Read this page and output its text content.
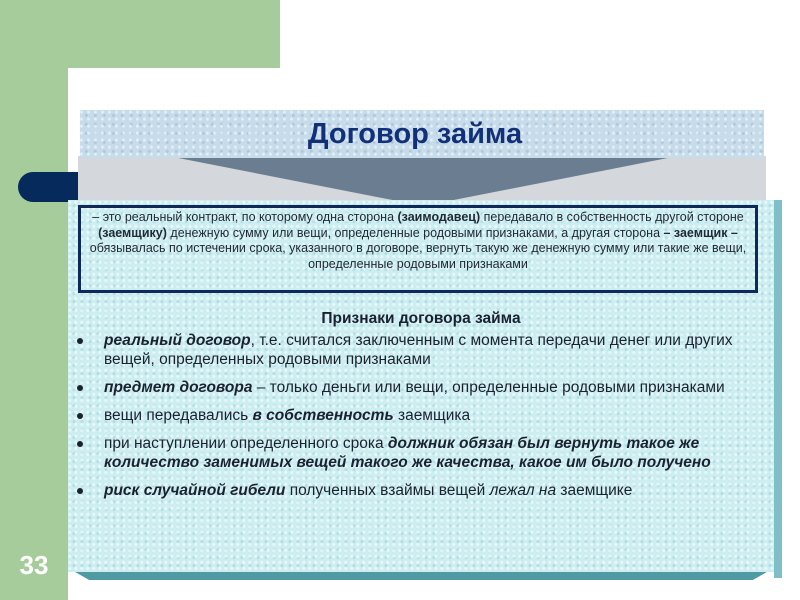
33
Договор займа
– это реальный контракт, по которому одна сторона (заимодавец) передавало в собственность другой стороне (заемщику) денежную сумму или вещи, определенные родовыми признаками, а другая сторона – заемщик – обязывалась по истечении срока, указанного в договоре, вернуть такую же денежную сумму или такие же вещи, определенные родовыми признаками
Признаки договора займа
реальный договор, т.е. считался заключенным с момента передачи денег или других вещей, определенных родовыми признаками
предмет договора – только деньги или вещи, определенные родовыми признаками
вещи передавались в собственность заемщика
при наступлении определенного срока должник обязан был вернуть такое же количество заменимых вещей такого же качества, какое им было получено
риск случайной гибели полученных взаймы вещей лежал на заемщике
